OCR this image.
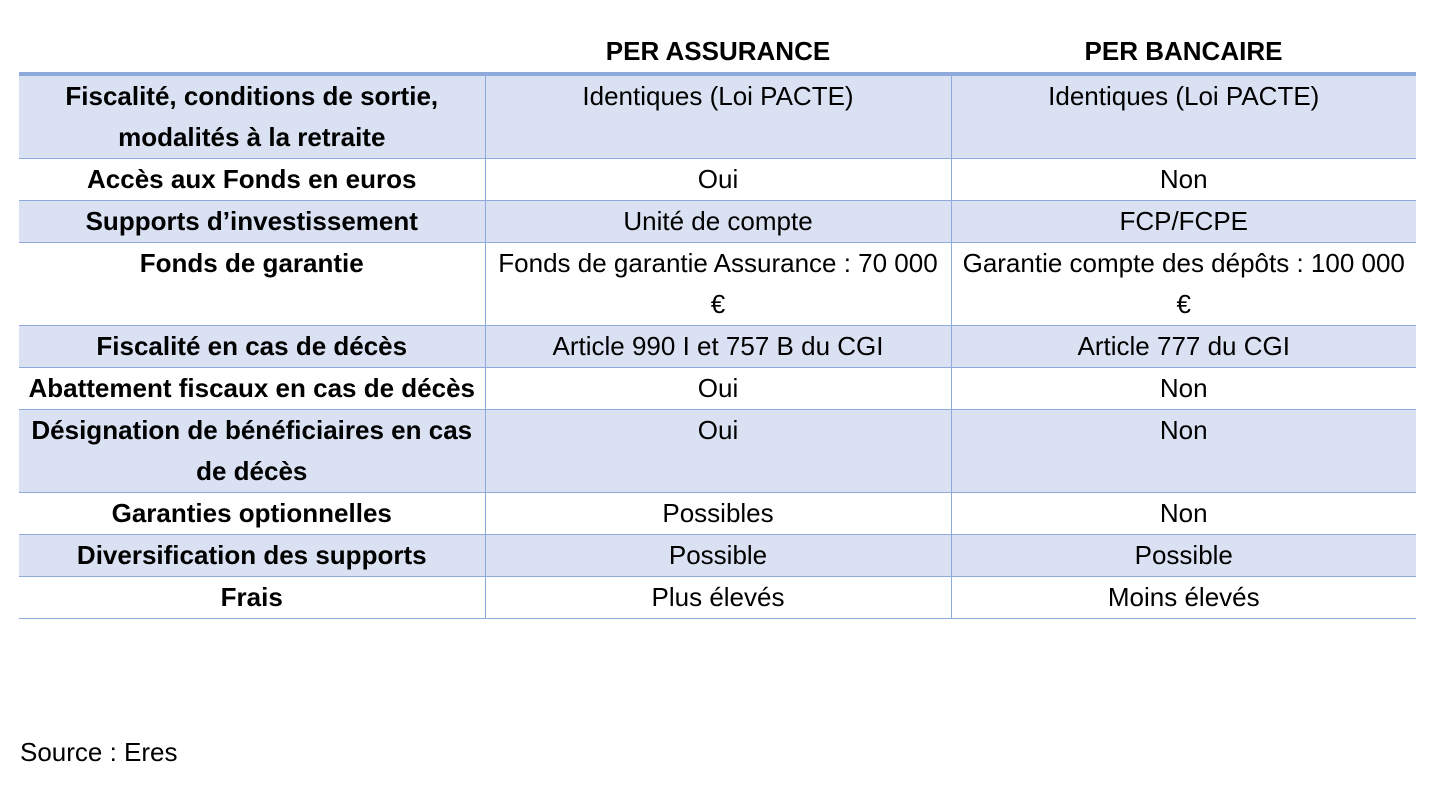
	PER ASSURANCE	PER BANCAIRE
Fiscalité, conditions de sortie, modalités à la retraite	Identiques (Loi PACTE)	Identiques (Loi PACTE)
Accès aux Fonds en euros	Oui	Non
Supports d’investissement	Unité de compte	FCP/FCPE
Fonds de garantie	Fonds de garantie Assurance : 70 000 €	Garantie compte des dépôts : 100 000 €
Fiscalité en cas de décès	Article 990 I et 757 B du CGI	Article 777 du CGI
Abattement fiscaux en cas de décès	Oui	Non
Désignation de bénéficiaires en cas de décès	Oui	Non
Garanties optionnelles	Possibles	Non
Diversification des supports	Possible	Possible
Frais	Plus élevés	Moins élevés

Source : Eres
